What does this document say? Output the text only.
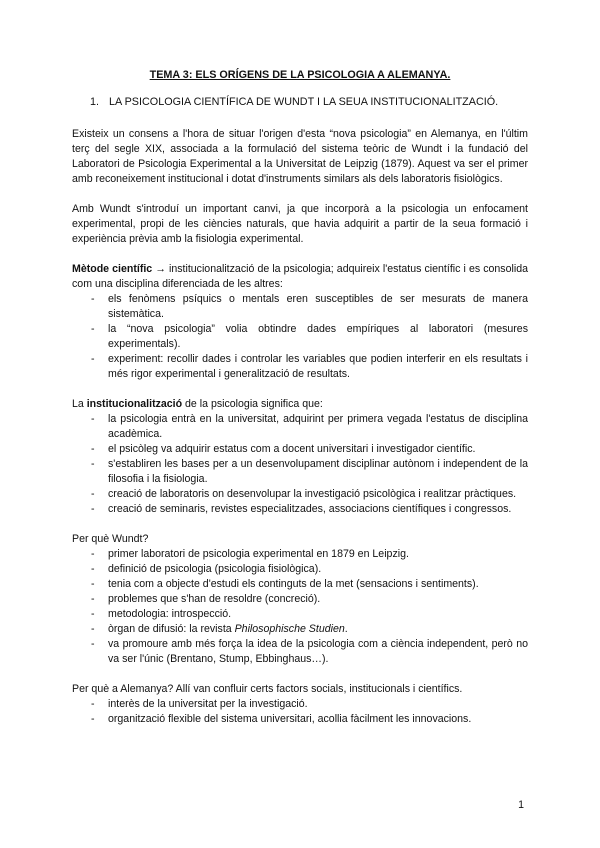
TEMA 3: ELS ORÍGENS DE LA PSICOLOGIA A ALEMANYA.
1. LA PSICOLOGIA CIENTÍFICA DE WUNDT I LA SEUA INSTITUCIONALITZACIÓ.

Existeix un consens a l'hora de situar l'origen d'esta “nova psicologia” en Alemanya, en l'últim terç del segle XIX, associada a la formulació del sistema teòric de Wundt i la fundació del Laboratori de Psicologia Experimental a la Universitat de Leipzig (1879). Aquest va ser el primer amb reconeixement institucional i dotat d'instruments similars als dels laboratoris fisiològics.

Amb Wundt s'introduí un important canvi, ja que incorporà a la psicologia un enfocament experimental, propi de les ciències naturals, que havia adquirit a partir de la seua formació i experiència prèvia amb la fisiologia experimental.

Mètode científic → institucionalització de la psicologia; adquireix l'estatus científic i es consolida com una disciplina diferenciada de les altres:

- els fenòmens psíquics o mentals eren susceptibles de ser mesurats de manera sistemàtica.
- la “nova psicologia” volia obtindre dades empíriques al laboratori (mesures experimentals).
- experiment: recollir dades i controlar les variables que podien interferir en els resultats i més rigor experimental i generalització de resultats.

La institucionalització de la psicologia significa que:

- la psicologia entrà en la universitat, adquirint per primera vegada l'estatus de disciplina acadèmica.
- el psicòleg va adquirir estatus com a docent universitari i investigador científic.
- s'establiren les bases per a un desenvolupament disciplinar autònom i independent de la filosofia i la fisiologia.
- creació de laboratoris on desenvolupar la investigació psicològica i realitzar pràctiques.
- creació de seminaris, revistes especialitzades, associacions científiques i congressos.

Per què Wundt?

- primer laboratori de psicologia experimental en 1879 en Leipzig.
- definició de psicologia (psicologia fisiològica).
- tenia com a objecte d'estudi els continguts de la met (sensacions i sentiments).
- problemes que s'han de resoldre (concreció).
- metodologia: introspecció.
- òrgan de difusió: la revista Philosophische Studien.
- va promoure amb més força la idea de la psicologia com a ciència independent, però no va ser l'únic (Brentano, Stump, Ebbinghaus…).

Per què a Alemanya? Allí van confluir certs factors socials, institucionals i científics.

- interès de la universitat per la investigació.
- organització flexible del sistema universitari, acollia fàcilment les innovacions.
1
